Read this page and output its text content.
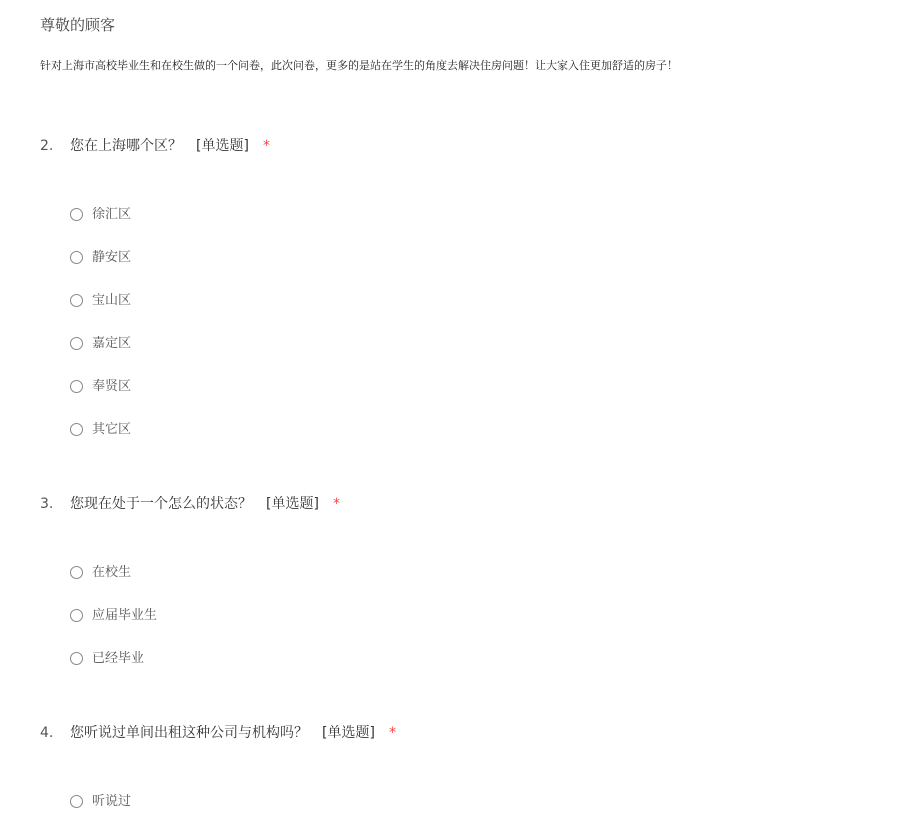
尊敬的顾客
针对上海市高校毕业生和在校生做的一个问卷，此次问卷，更多的是站在学生的角度去解决住房问题！让大家入住更加舒适的房子！
2. 您在上海哪个区？ [单选题] *
徐汇区
静安区
宝山区
嘉定区
奉贤区
其它区
3. 您现在处于一个怎么的状态？ [单选题] *
在校生
应届毕业生
已经毕业
4. 您听说过单间出租这种公司与机构吗？ [单选题] *
听说过
